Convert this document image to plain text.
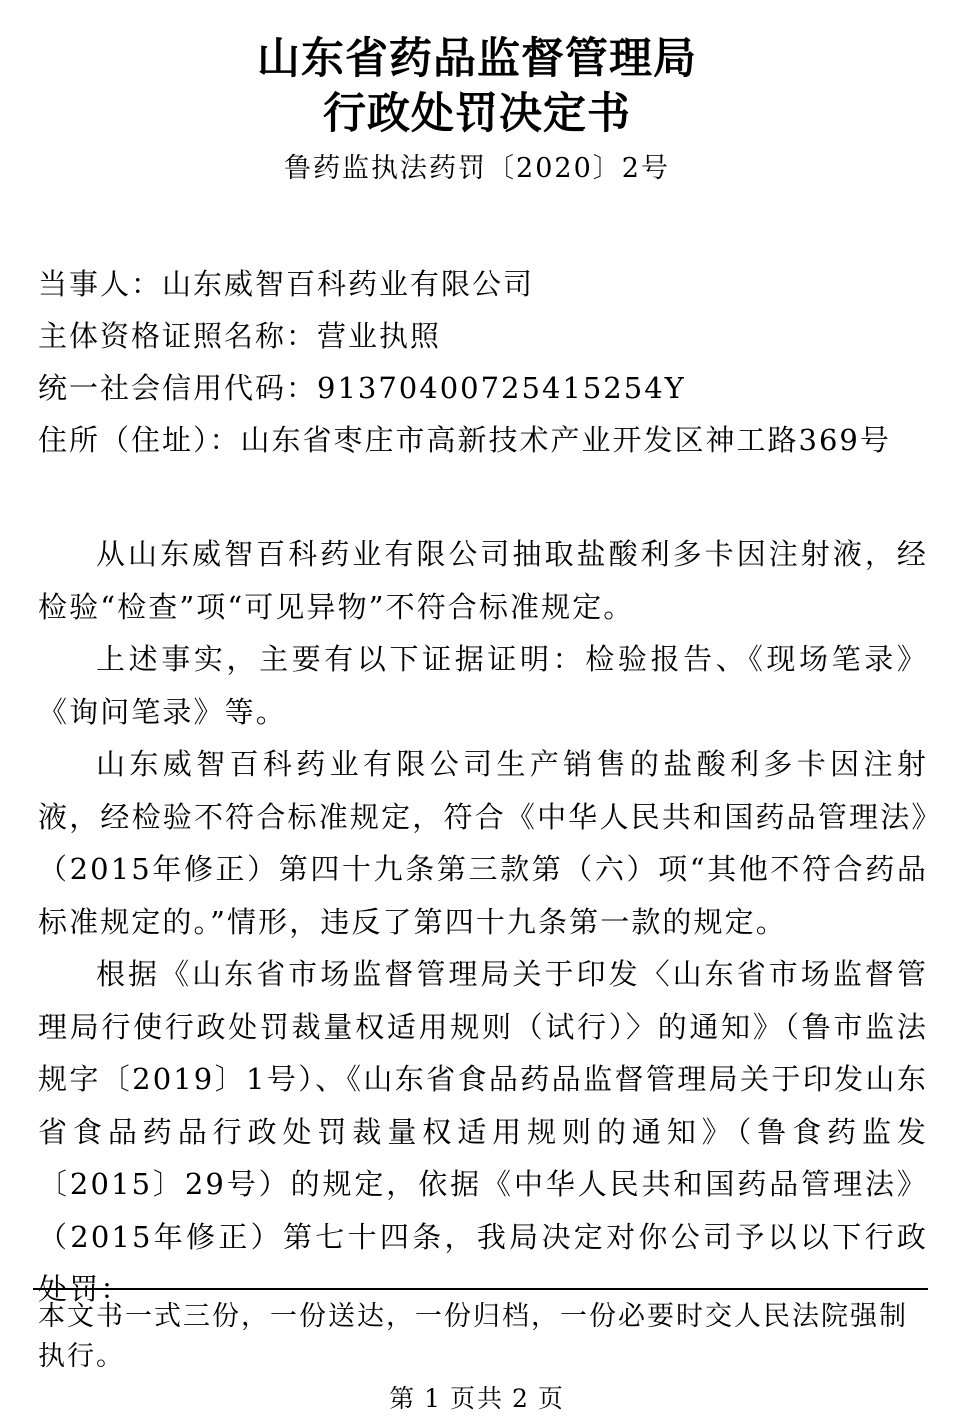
山东省药品监督管理局
行政处罚决定书
鲁药监执法药罚〔2020〕2号
当事人：山东威智百科药业有限公司
主体资格证照名称：营业执照
统一社会信用代码：91370400725415254Y
住所（住址）：山东省枣庄市高新技术产业开发区神工路369号

从山东威智百科药业有限公司抽取盐酸利多卡因注射液，经检验“检查”项“可见异物”不符合标准规定。

上述事实，主要有以下证据证明：检验报告、《现场笔录》《询问笔录》等。

山东威智百科药业有限公司生产销售的盐酸利多卡因注射液，经检验不符合标准规定，符合《中华人民共和国药品管理法》（2015年修正）第四十九条第三款第（六）项“其他不符合药品标准规定的。”情形，违反了第四十九条第一款的规定。

根据《山东省市场监督管理局关于印发〈山东省市场监督管理局行使行政处罚裁量权适用规则（试行）〉的通知》（鲁市监法规字〔2019〕1号）、《山东省食品药品监督管理局关于印发山东省食品药品行政处罚裁量权适用规则的通知》（鲁食药监发〔2015〕29号）的规定，依据《中华人民共和国药品管理法》（2015年修正）第七十四条，我局决定对你公司予以以下行政处罚：

本文书一式三份，一份送达，一份归档，一份必要时交人民法院强制执行。
第 1 页共 2 页
